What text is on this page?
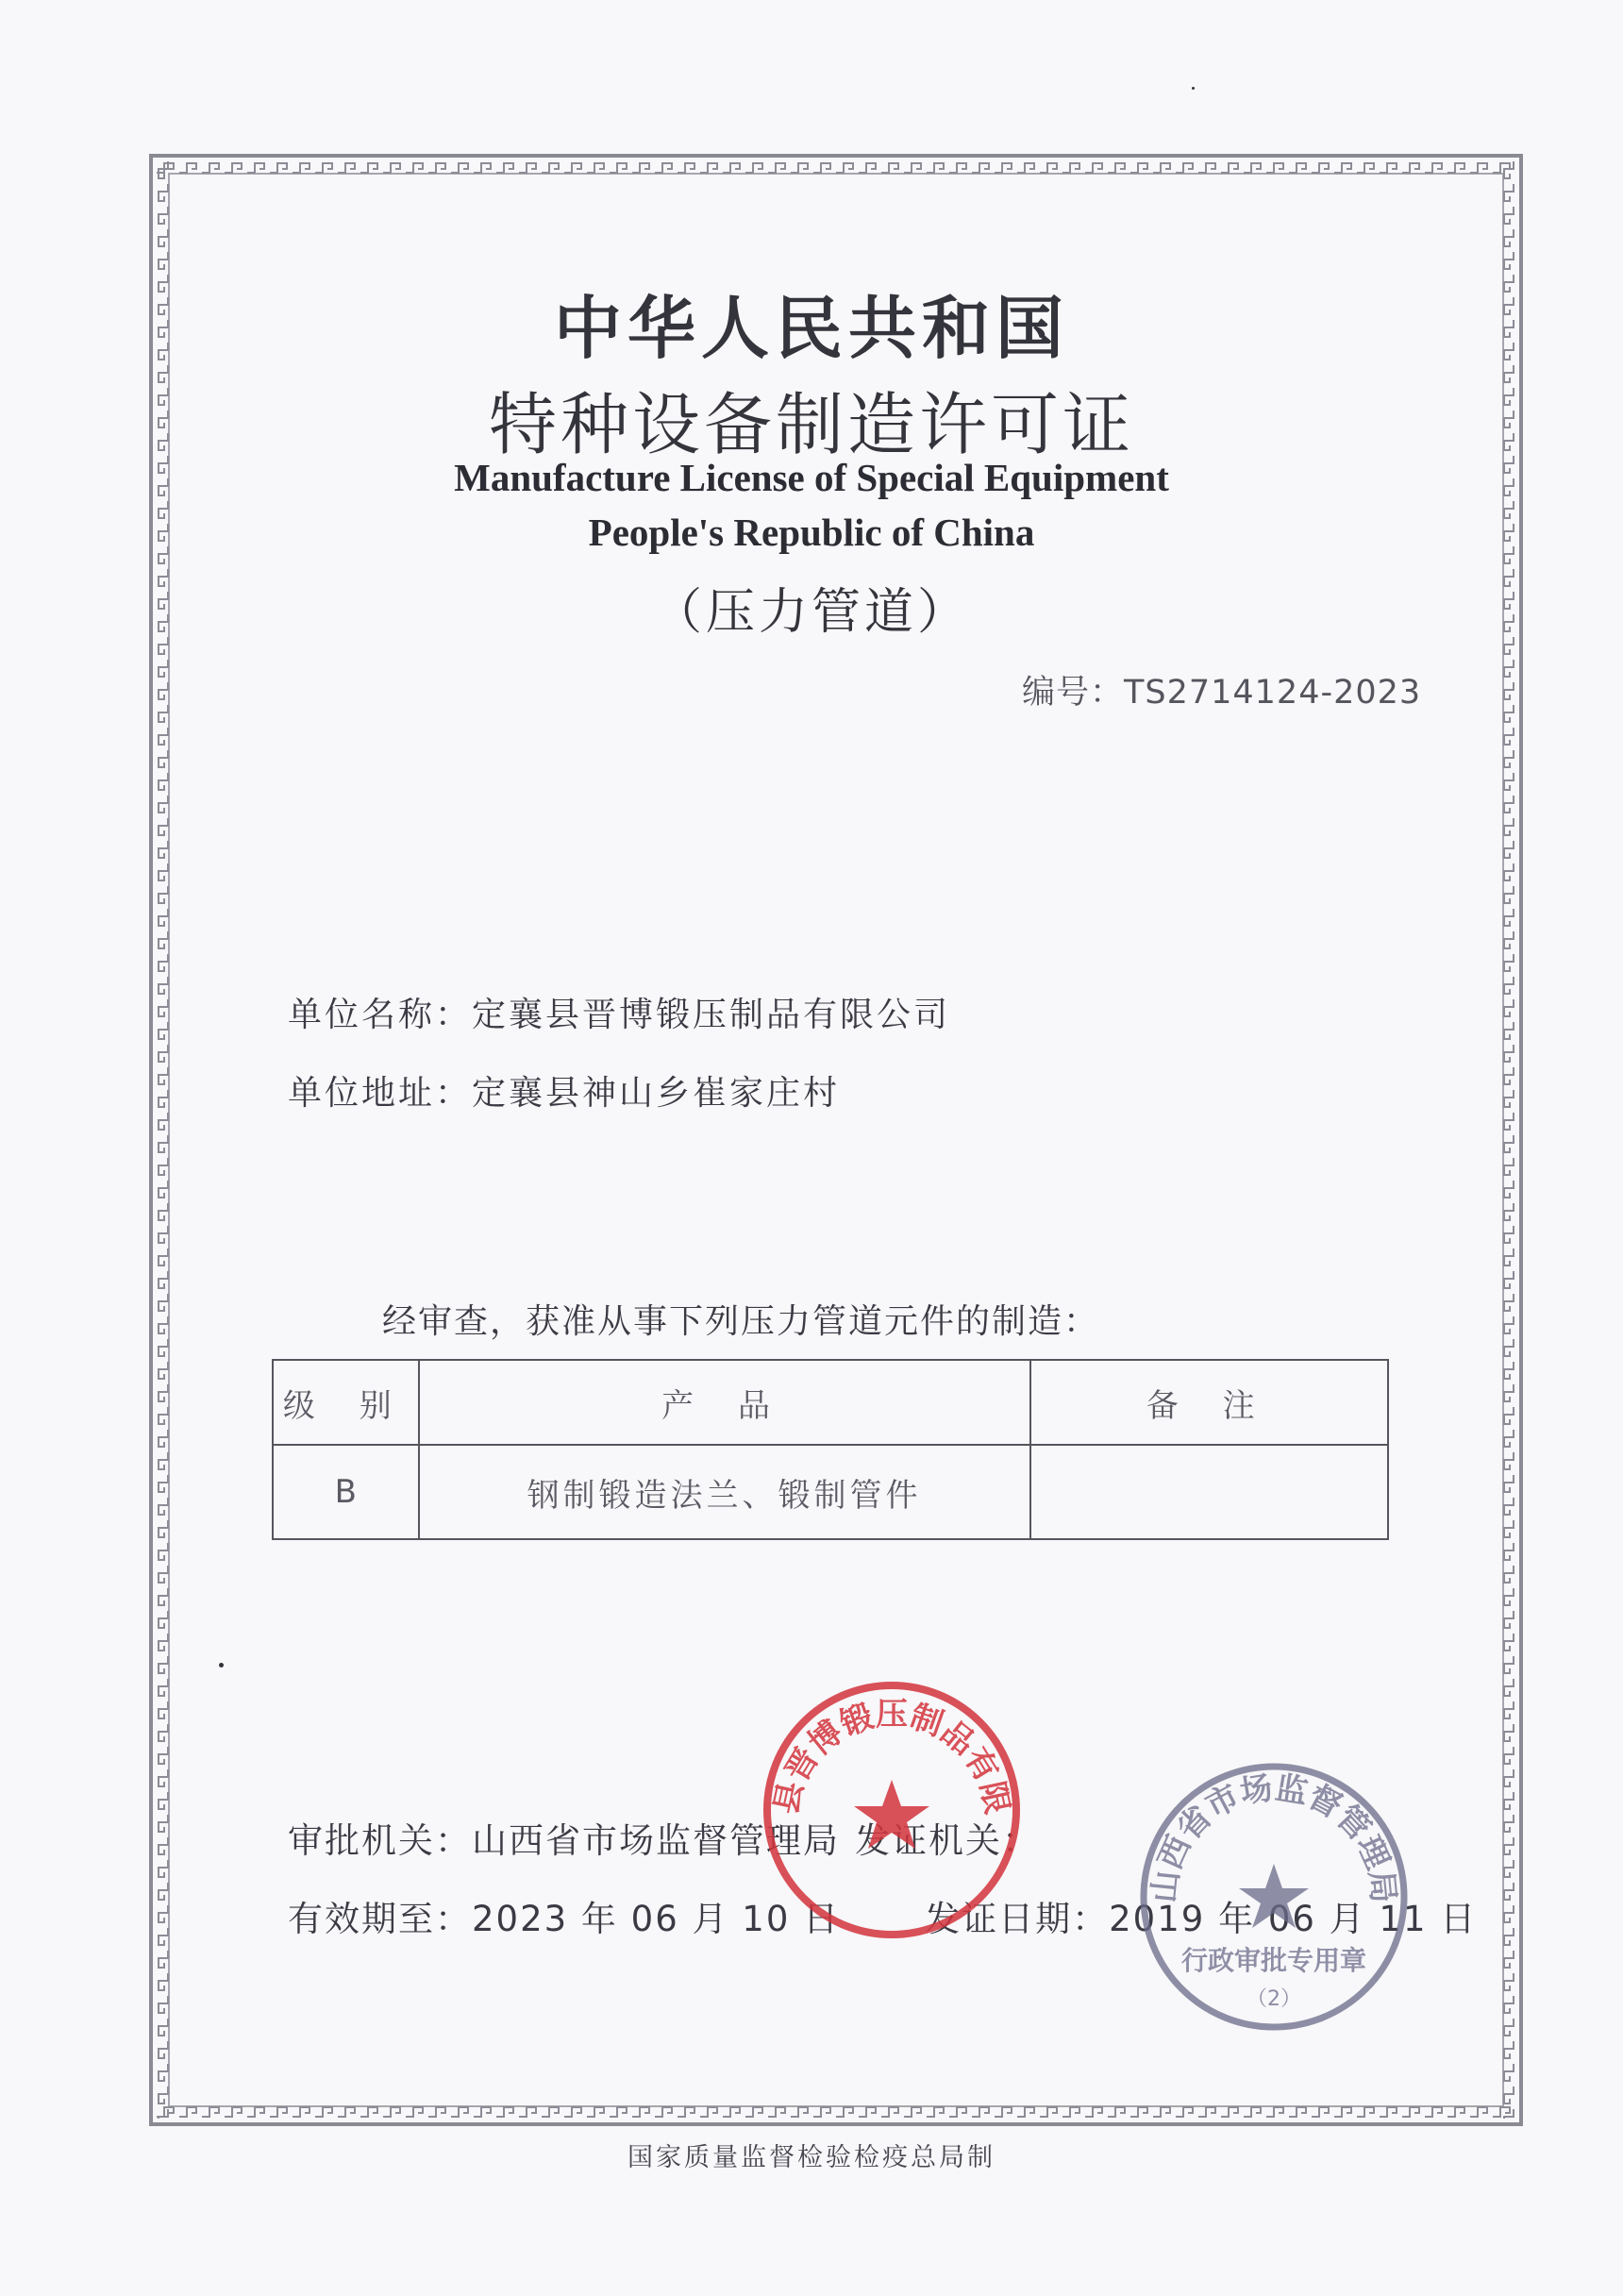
中华人民共和国
特种设备制造许可证
Manufacture License of Special Equipment
People's Republic of China
（压力管道）
编号：TS2714124-2023
单位名称：定襄县晋博锻压制品有限公司
单位地址：定襄县神山乡崔家庄村
经审查，获准从事下列压力管道元件的制造：
级 别	产 品	备 注
B	钢制锻造法兰、锻制管件	
审批机关：山西省市场监督管理局 发证机关：
有效期至：2023 年 06 月 10 日 发证日期：2019 年 06 月 11 日
县晋博锻压制品有限
山西省市场监督管理局
行政审批专用章
（2）
国家质量监督检验检疫总局制
